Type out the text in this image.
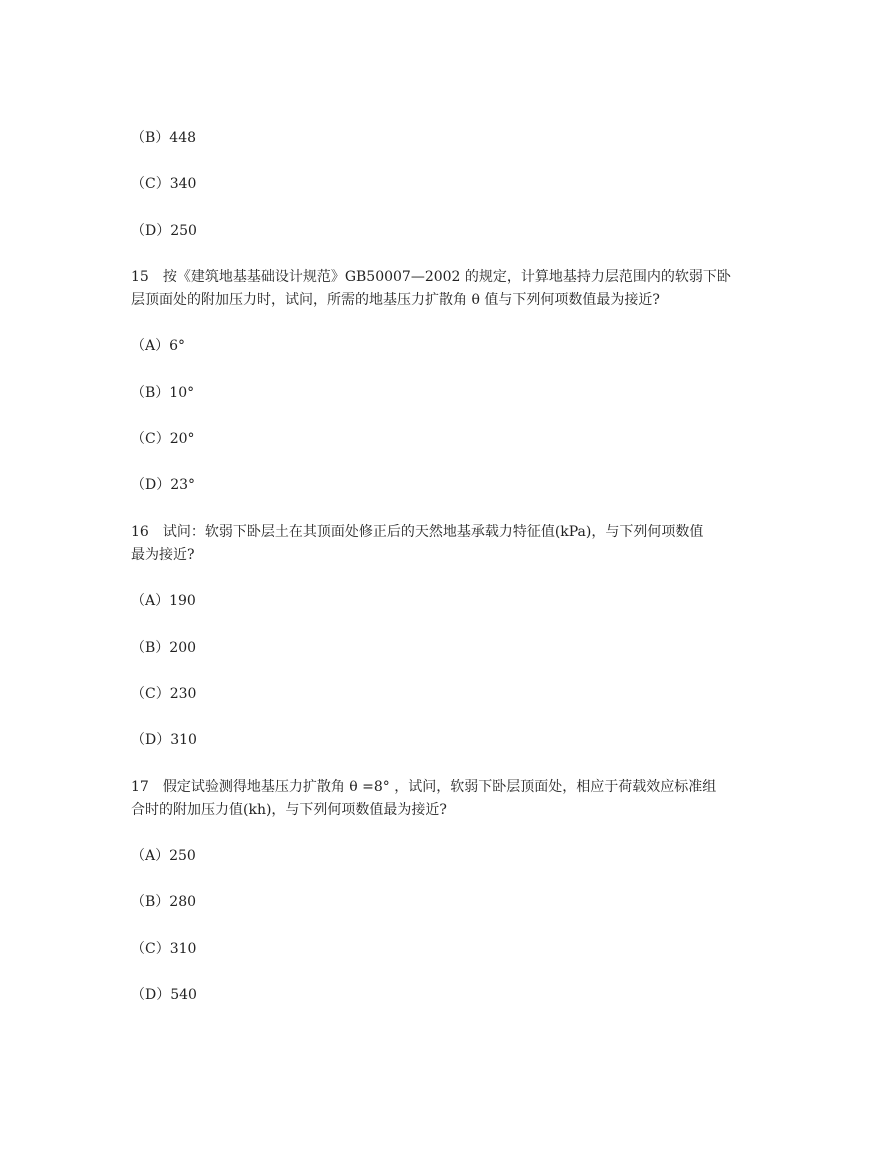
（B）448
（C）340
（D）250
15　按《建筑地基基础设计规范》GB50007—2002 的规定，计算地基持力层范围内的软弱下卧
层顶面处的附加压力时，试问，所需的地基压力扩散角 θ 值与下列何项数值最为接近?
（A）6°
（B）10°
（C）20°
（D）23°
16　试问：软弱下卧层土在其顶面处修正后的天然地基承载力特征值(kPa)，与下列何项数值
最为接近?
（A）190
（B）200
（C）230
（D）310
17　假定试验测得地基压力扩散角 θ =8° ，试问，软弱下卧层顶面处，相应于荷载效应标准组
合时的附加压力值(kh)，与下列何项数值最为接近?
（A）250
（B）280
（C）310
（D）540
